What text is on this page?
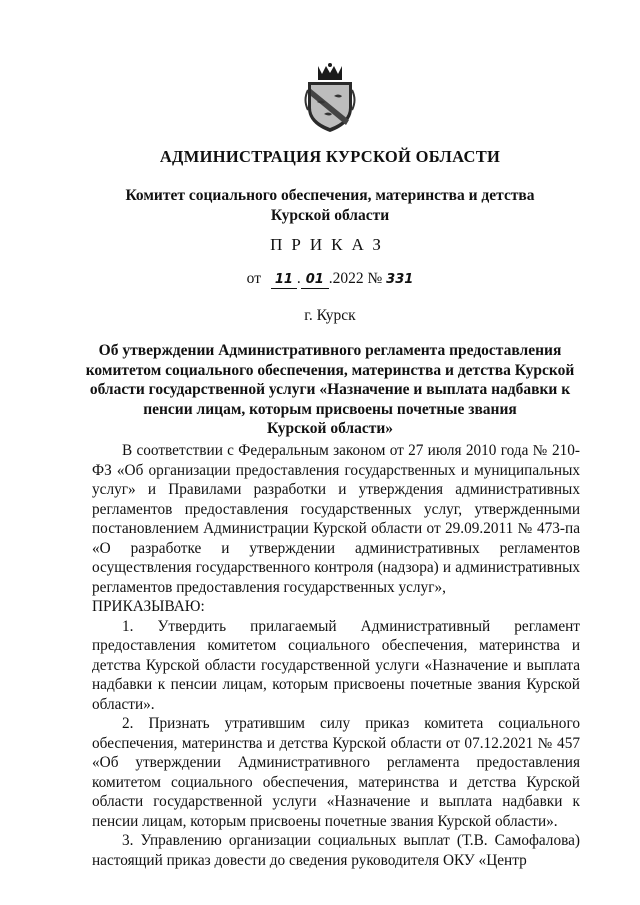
АДМИНИСТРАЦИЯ КУРСКОЙ ОБЛАСТИ
Комитет социального обеспечения, материнства и детства
Курской области
ПРИКАЗ
от 11 . 01 .2022 № 331
г. Курск
Об утверждении Административного регламента предоставления
комитетом социального обеспечения, материнства и детства Курской
области государственной услуги «Назначение и выплата надбавки к
пенсии лицам, которым присвоены почетные звания
Курской области»

В соответствии с Федеральным законом от 27 июля 2010 года № 210-ФЗ «Об организации предоставления государственных и муниципальных услуг» и Правилами разработки и утверждения административных регламентов предоставления государственных услуг, утвержденными постановлением Администрации Курской области от 29.09.2011 № 473-па «О разработке и утверждении административных регламентов осуществления государственного контроля (надзора) и административных регламентов предоставления государственных услуг»,

ПРИКАЗЫВАЮ:

1. Утвердить прилагаемый Административный регламент предоставления комитетом социального обеспечения, материнства и детства Курской области государственной услуги «Назначение и выплата надбавки к пенсии лицам, которым присвоены почетные звания Курской области».

2. Признать утратившим силу приказ комитета социального обеспечения, материнства и детства Курской области от 07.12.2021 № 457 «Об утверждении Административного регламента предоставления комитетом социального обеспечения, материнства и детства Курской области государственной услуги «Назначение и выплата надбавки к пенсии лицам, которым присвоены почетные звания Курской области».

3. Управлению организации социальных выплат (Т.В. Самофалова) настоящий приказ довести до сведения руководителя ОКУ «Центр
